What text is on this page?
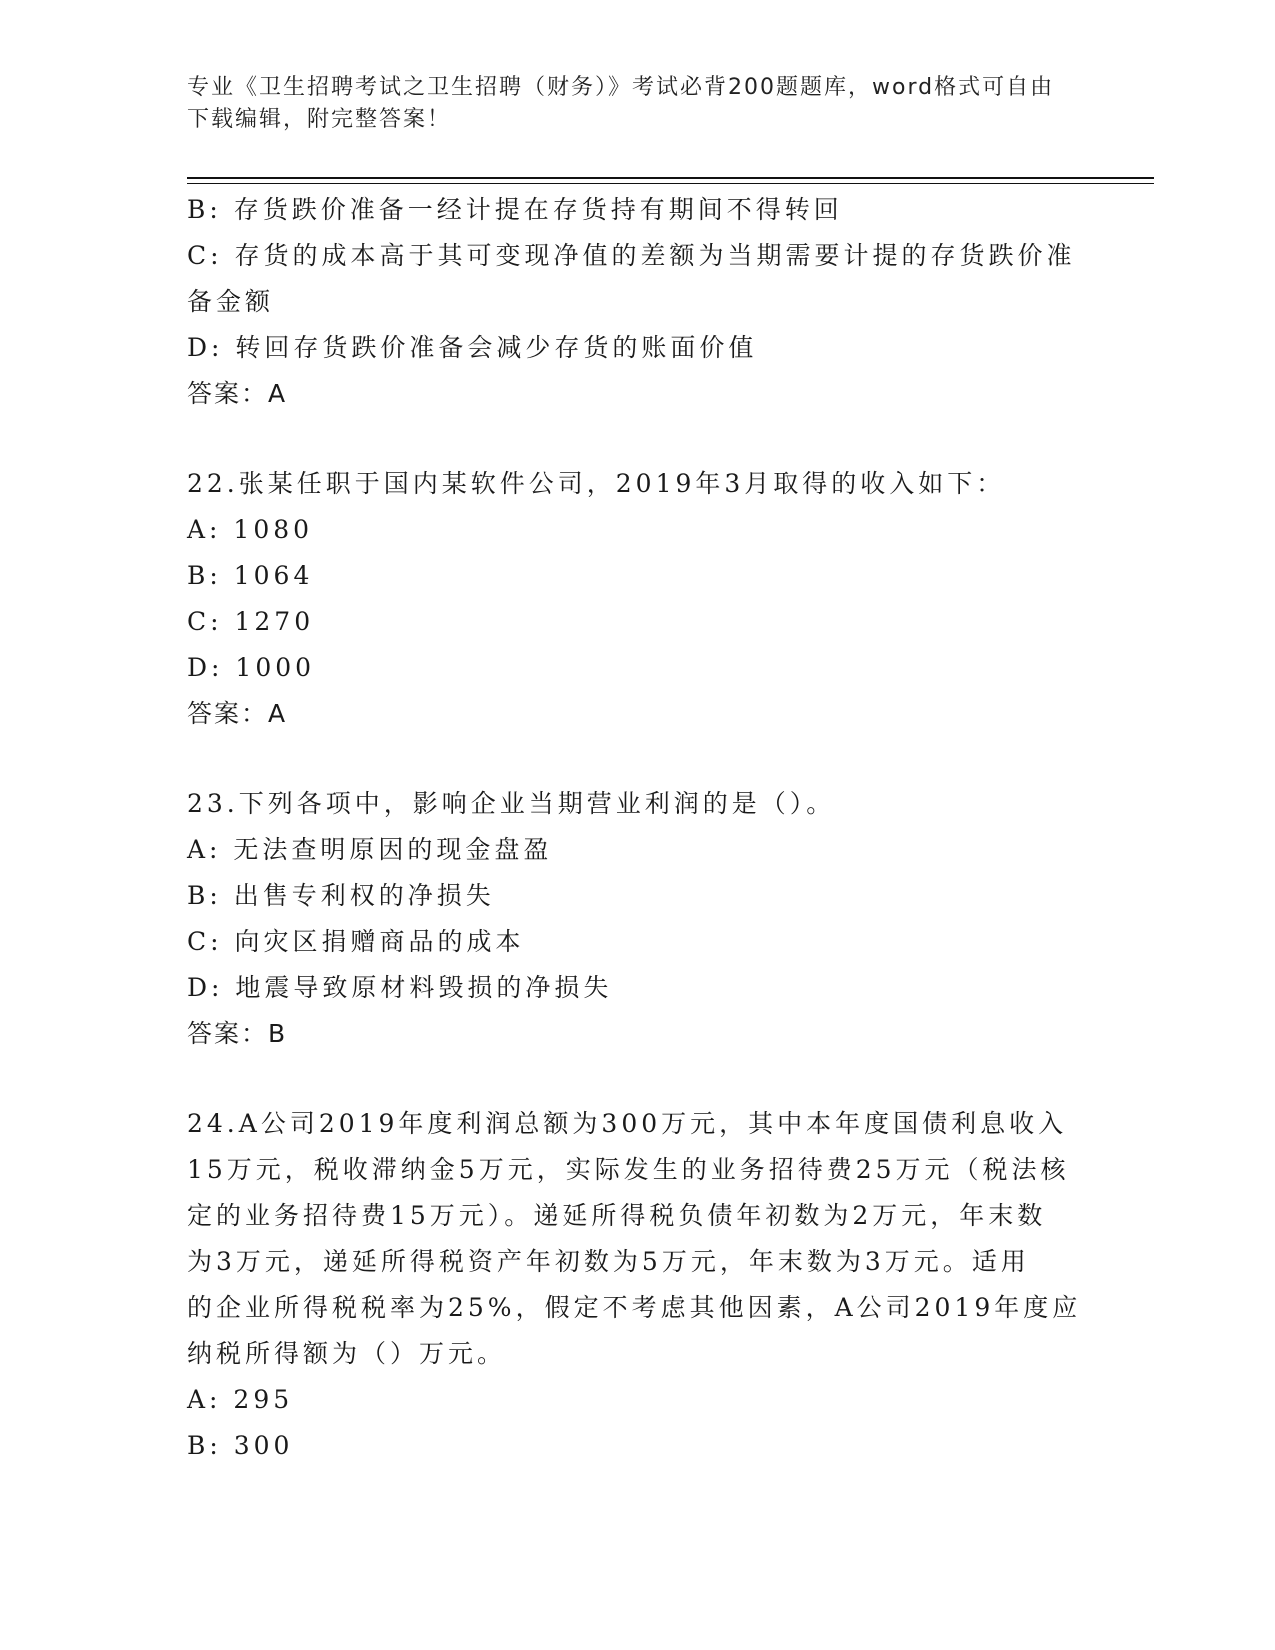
专业《卫生招聘考试之卫生招聘（财务）》考试必背200题题库，word格式可自由下载编辑，附完整答案！
B: 存货跌价准备一经计提在存货持有期间不得转回
C: 存货的成本高于其可变现净值的差额为当期需要计提的存货跌价准
备金额
D: 转回存货跌价准备会减少存货的账面价值
答案：A
22.张某任职于国内某软件公司，2019年3月取得的收入如下：
A: 1080
B: 1064
C: 1270
D: 1000
答案：A
23.下列各项中，影响企业当期营业利润的是（）。
A: 无法查明原因的现金盘盈
B: 出售专利权的净损失
C: 向灾区捐赠商品的成本
D: 地震导致原材料毁损的净损失
答案：B
24.A公司2019年度利润总额为300万元，其中本年度国债利息收入
15万元，税收滞纳金5万元，实际发生的业务招待费25万元（税法核
定的业务招待费15万元）。递延所得税负债年初数为2万元，年末数
为3万元，递延所得税资产年初数为5万元，年末数为3万元。适用
的企业所得税税率为25%，假定不考虑其他因素，A公司2019年度应
纳税所得额为（）万元。
A: 295
B: 300
